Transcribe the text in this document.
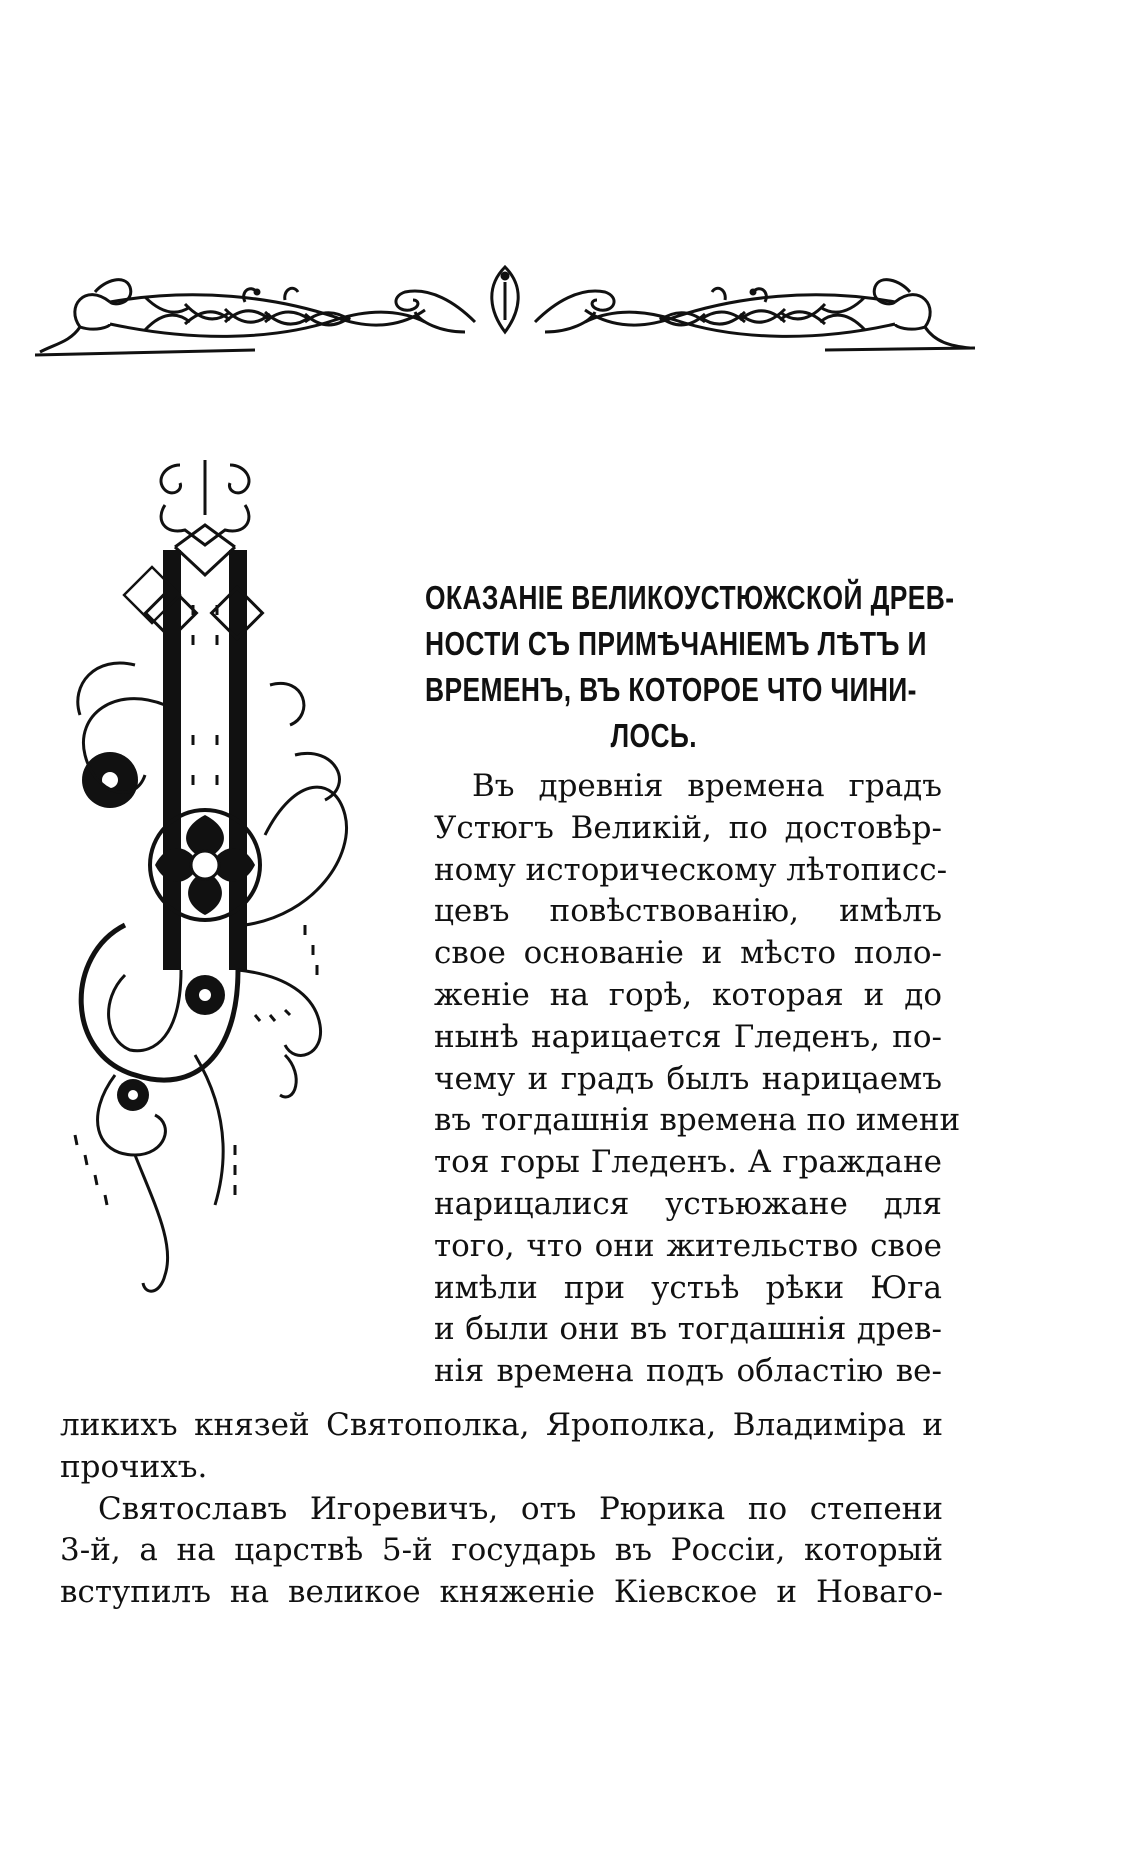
ОКАЗАНІЕ ВЕЛИКОУСТЮЖСКОЙ ДРЕВ-
НОСТИ СЪ ПРИМѢЧАНІЕМЪ ЛѢТЪ И
ВРЕМЕНЪ, ВЪ КОТОРОЕ ЧТО ЧИНИ-
ЛОСЬ.
Въ древнія времена градъ
Устюгъ Великій, по достовѣр-
ному историческому лѣтописс-
цевъ повѣствованію, имѣлъ
свое основаніе и мѣсто поло-
женіе на горѣ, которая и до
нынѣ нарицается Гледенъ, по-
чему и градъ былъ нарицаемъ
въ тогдашнія времена по имени
тоя горы Гледенъ. А граждане
нарицалися устьюжане для
того, что они жительство свое
имѣли при устьѣ рѣки Юга
и были они въ тогдашнія древ-
нія времена подъ областію ве-
ликихъ князей Святополка, Ярополка, Владиміра и
прочихъ.
Святославъ Игоревичъ, отъ Рюрика по степени
3-й, а на царствѣ 5-й государь въ Россіи, который
вступилъ на великое княженіе Кіевское и Новаго-
